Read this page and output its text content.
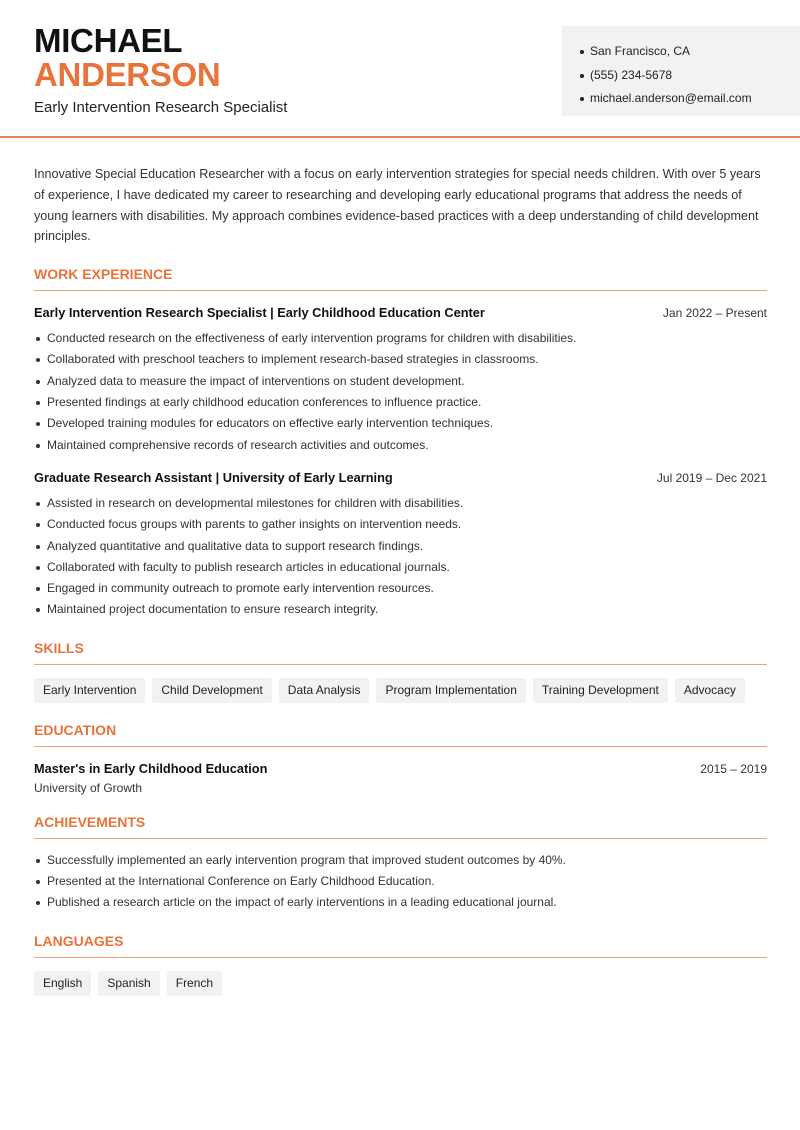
MICHAEL
ANDERSON
Early Intervention Research Specialist
San Francisco, CA
(555) 234-5678
michael.anderson@email.com

Innovative Special Education Researcher with a focus on early intervention strategies for special needs children. With over 5 years of experience, I have dedicated my career to researching and developing early educational programs that address the needs of young learners with disabilities. My approach combines evidence-based practices with a deep understanding of child development principles.

WORK EXPERIENCE
Early Intervention Research Specialist | Early Childhood Education Center	Jan 2022 – Present
Conducted research on the effectiveness of early intervention programs for children with disabilities.
Collaborated with preschool teachers to implement research-based strategies in classrooms.
Analyzed data to measure the impact of interventions on student development.
Presented findings at early childhood education conferences to influence practice.
Developed training modules for educators on effective early intervention techniques.
Maintained comprehensive records of research activities and outcomes.
Graduate Research Assistant | University of Early Learning	Jul 2019 – Dec 2021
Assisted in research on developmental milestones for children with disabilities.
Conducted focus groups with parents to gather insights on intervention needs.
Analyzed quantitative and qualitative data to support research findings.
Collaborated with faculty to publish research articles in educational journals.
Engaged in community outreach to promote early intervention resources.
Maintained project documentation to ensure research integrity.
SKILLS
Early Intervention	Child Development	Data Analysis	Program Implementation	Training Development	Advocacy
EDUCATION
Master's in Early Childhood Education	2015 – 2019
University of Growth
ACHIEVEMENTS
Successfully implemented an early intervention program that improved student outcomes by 40%.
Presented at the International Conference on Early Childhood Education.
Published a research article on the impact of early interventions in a leading educational journal.
LANGUAGES
English	Spanish	French
